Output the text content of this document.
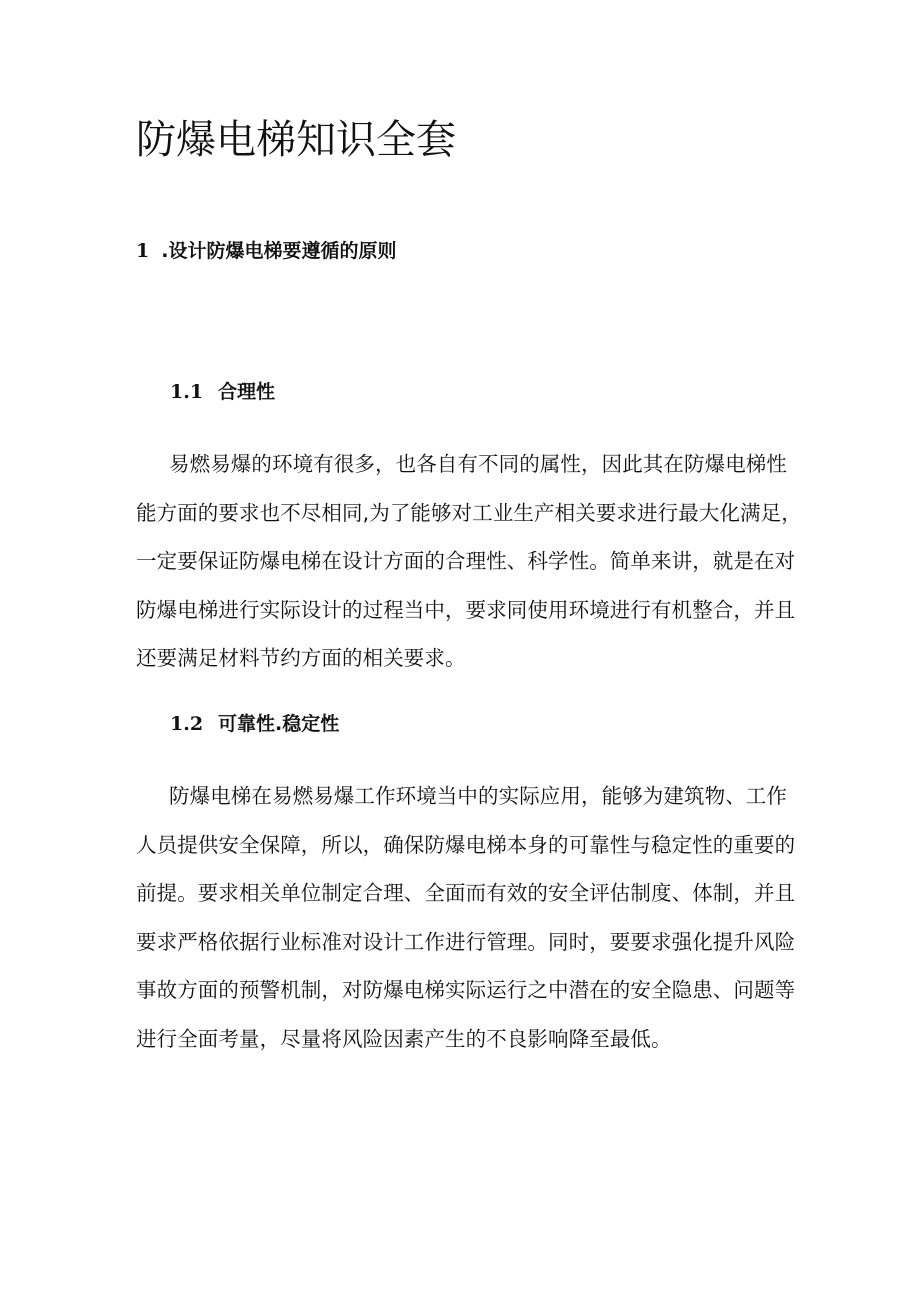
防爆电梯知识全套
1 .设计防爆电梯要遵循的原则
1.1 合理性

易燃易爆的环境有很多，也各自有不同的属性，因此其在防爆电梯性
能方面的要求也不尽相同,为了能够对工业生产相关要求进行最大化满足，
一定要保证防爆电梯在设计方面的合理性、科学性。简单来讲，就是在对
防爆电梯进行实际设计的过程当中，要求同使用环境进行有机整合，并且
还要满足材料节约方面的相关要求。

1.2 可靠性.稳定性

防爆电梯在易燃易爆工作环境当中的实际应用，能够为建筑物、工作
人员提供安全保障，所以，确保防爆电梯本身的可靠性与稳定性的重要的
前提。要求相关单位制定合理、全面而有效的安全评估制度、体制，并且
要求严格依据行业标准对设计工作进行管理。同时，要要求强化提升风险
事故方面的预警机制，对防爆电梯实际运行之中潜在的安全隐患、问题等
进行全面考量，尽量将风险因素产生的不良影响降至最低。
